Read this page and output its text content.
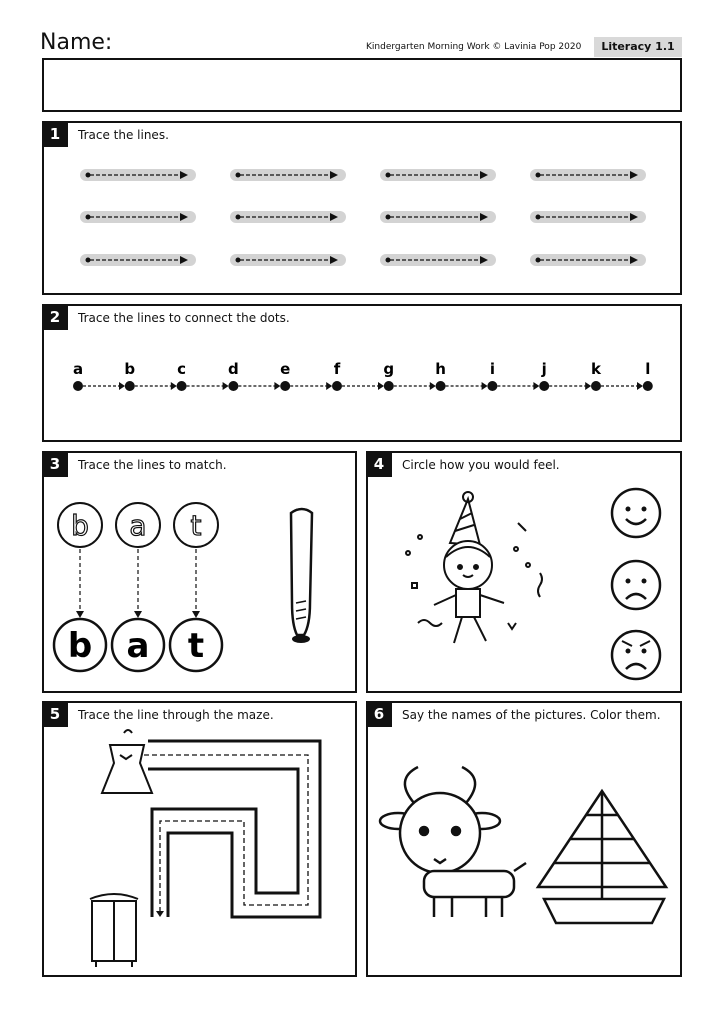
Name:	Kindergarten Morning Work © Lavinia Pop 2020	Literacy 1.1
1	Trace the lines.
2	Trace the lines to connect the dots.
a	b	c	d	e	f	g	h	i	j	k	l
3	Trace the lines to match.
b
b
a
a
t
t
4	Circle how you would feel.
5	Trace the line through the maze.	6	Say the names of the pictures. Color them.
